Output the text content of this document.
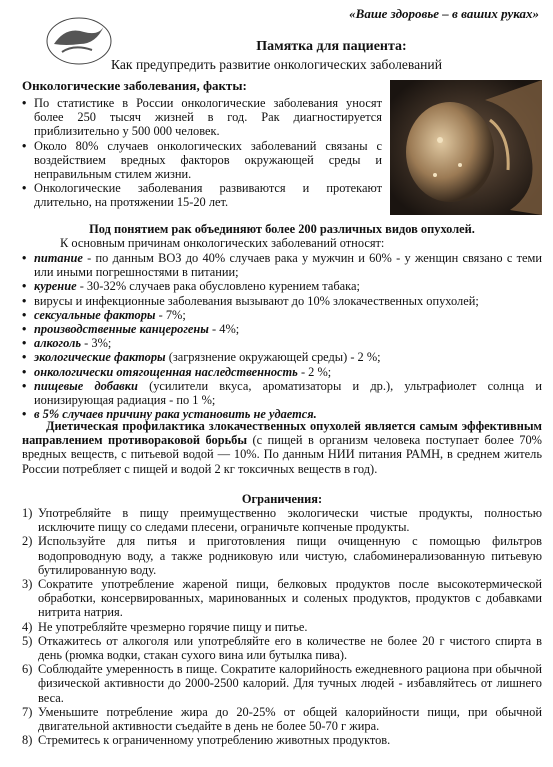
«Ваше здоровье – в ваших руках»
Памятка для пациента:
Как предупредить развитие онкологических заболеваний
Онкологические заболевания, факты:
• По статистике в России онкологические заболевания уносят более 250 тысяч жизней в год. Рак диагностируется приблизительно у 500 000 человек.
• Около 80% случаев онкологических заболеваний связаны с воздействием вредных факторов окружающей среды и неправильным стилем жизни.
• Онкологические заболевания развиваются и протекают длительно, на протяжении 15-20 лет.
Под понятием рак объединяют более 200 различных видов опухолей.
К основным причинам онкологических заболеваний относят:
• питание - по данным ВОЗ до 40% случаев рака у мужчин и 60% - у женщин связано с теми или иными погрешностями в питании;
• курение - 30-32% случаев рака обусловлено курением табака;
• вирусы и инфекционные заболевания вызывают до 10% злокачественных опухолей;
• сексуальные факторы - 7%;
• производственные канцерогены - 4%;
• алкоголь - 3%;
• экологические факторы (загрязнение окружающей среды) - 2 %;
• онкологически отягощенная наследственность - 2 %;
• пищевые добавки (усилители вкуса, ароматизаторы и др.), ультрафиолет солнца и ионизирующая радиация - по 1 %;
• в 5% случаев причину рака установить не удается.
Диетическая профилактика злокачественных опухолей является самым эффективным направлением противораковой борьбы (с пищей в организм человека поступает более 70% вредных веществ, с питьевой водой — 10%. По данным НИИ питания РАМН, в среднем житель России потребляет с пищей и водой 2 кг токсичных веществ в год).
Ограничения:
1) Употребляйте в пищу преимущественно экологически чистые продукты, полностью исключите пищу со следами плесени, ограничьте копченые продукты.
2) Используйте для питья и приготовления пищи очищенную с помощью фильтров водопроводную воду, а также родниковую или чистую, слабоминерализованную питьевую бутилированную воду.
3) Сократите употребление жареной пищи, белковых продуктов после высокотермической обработки, консервированных, маринованных и соленых продуктов, продуктов с добавками нитрита натрия.
4) Не употребляйте чрезмерно горячие пищу и питье.
5) Откажитесь от алкоголя или употребляйте его в количестве не более 20 г чистого спирта в день (рюмка водки, стакан сухого вина или бутылка пива).
6) Соблюдайте умеренность в пище. Сократите калорийность ежедневного рациона при обычной физической активности до 2000-2500 калорий. Для тучных людей - избавляйтесь от лишнего веса.
7) Уменьшите потребление жира до 20-25% от общей калорийности пищи, при обычной двигательной активности съедайте в день не более 50-70 г жира.
8) Стремитесь к ограниченному употреблению животных продуктов.
